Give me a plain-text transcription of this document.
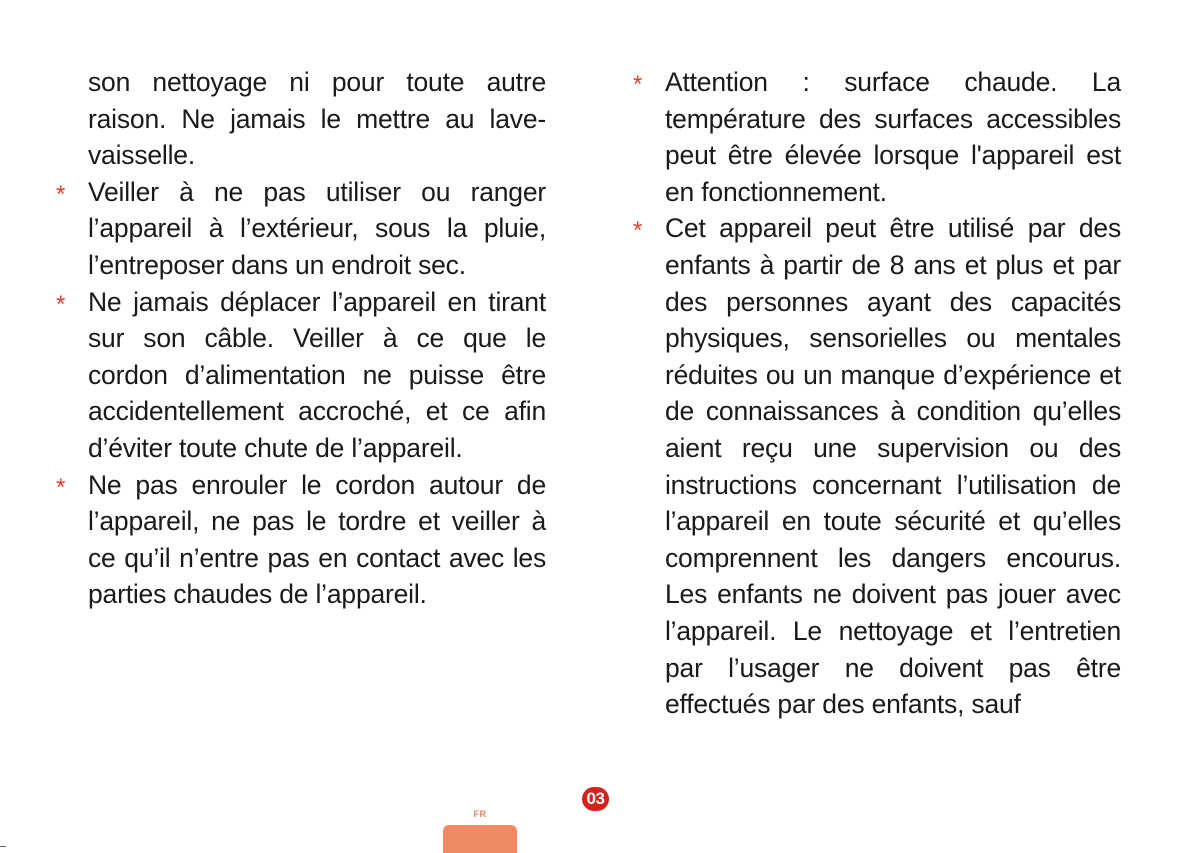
son nettoyage ni pour toute autre raison. Ne jamais le mettre au lave-vaisselle.
* Veiller à ne pas utiliser ou ranger l’appareil à l’extérieur, sous la pluie, l’entreposer dans un endroit sec.
* Ne jamais déplacer l’appareil en tirant sur son câble. Veiller à ce que le cordon d’alimentation ne puisse être accidentellement accroché, et ce afin d’éviter toute chute de l’appareil.
* Ne pas enrouler le cordon autour de l’appareil, ne pas le tordre et veiller à ce qu’il n’entre pas en contact avec les parties chaudes de l’appareil.
* Attention : surface chaude. La température des surfaces accessibles peut être élevée lorsque l'appareil est en fonctionnement.
* Cet appareil peut être utilisé par des enfants à partir de 8 ans et plus et par des personnes ayant des capacités physiques, sensorielles ou mentales réduites ou un manque d’expérience et de connaissances à condition qu’elles aient reçu une supervision ou des instructions concernant l’utilisation de l’appareil en toute sécurité et qu’elles comprennent les dangers encourus. Les enfants ne doivent pas jouer avec l’appareil. Le nettoyage et l’entretien par l’usager ne doivent pas être effectués par des enfants, sauf
03
FR
